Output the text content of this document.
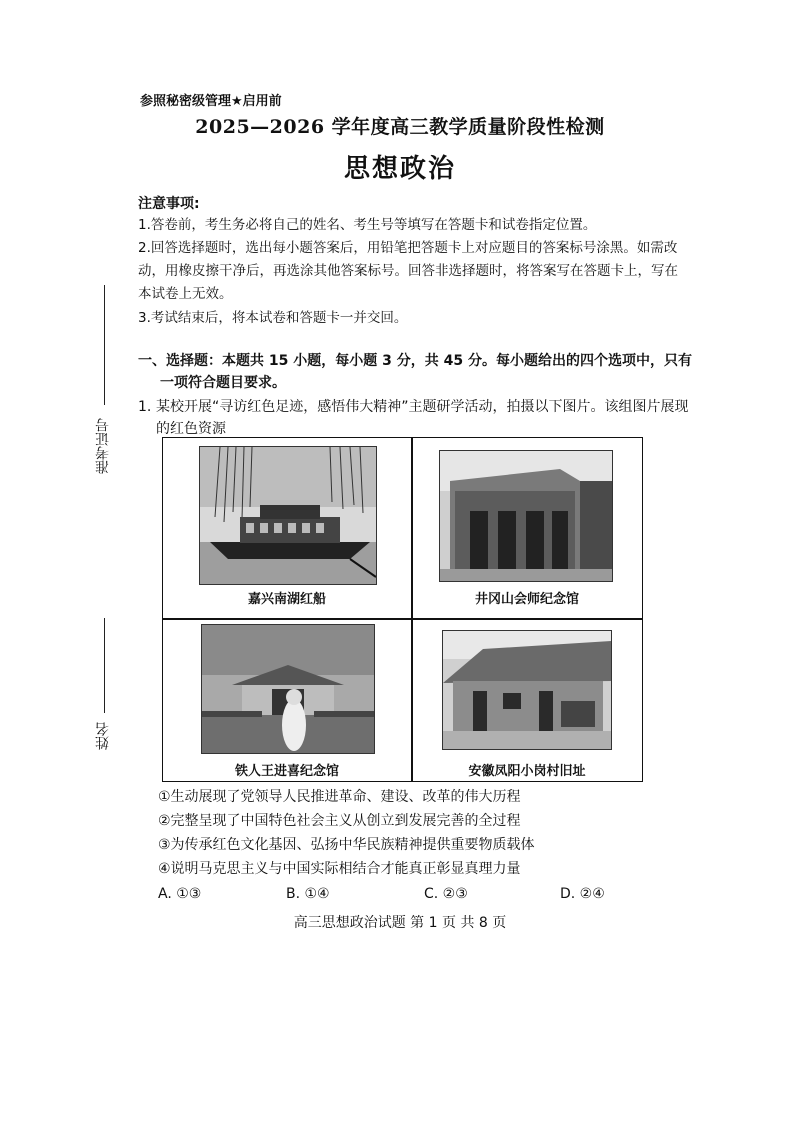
参照秘密级管理★启用前
2025—2026 学年度高三教学质量阶段性检测
思想政治
准考证号
姓名
注意事项:
1.答卷前，考生务必将自己的姓名、考生号等填写在答题卡和试卷指定位置。
2.回答选择题时，选出每小题答案后，用铅笔把答题卡上对应题目的答案标号涂黑。如需改动，用橡皮擦干净后，再选涂其他答案标号。回答非选择题时，将答案写在答题卡上，写在本试卷上无效。
3.考试结束后，将本试卷和答题卡一并交回。
一、选择题：本题共 15 小题，每小题 3 分，共 45 分。每小题给出的四个选项中，只有一项符合题目要求。
1. 某校开展“寻访红色足迹，感悟伟大精神”主题研学活动，拍摄以下图片。该组图片展现的红色资源
嘉兴南湖红船	井冈山会师纪念馆
铁人王进喜纪念馆	安徽凤阳小岗村旧址
①生动展现了党领导人民推进革命、建设、改革的伟大历程
②完整呈现了中国特色社会主义从创立到发展完善的全过程
③为传承红色文化基因、弘扬中华民族精神提供重要物质载体
④说明马克思主义与中国实际相结合才能真正彰显真理力量
A. ①③	B. ①④	C. ②③	D. ②④
高三思想政治试题 第 1 页 共 8 页
